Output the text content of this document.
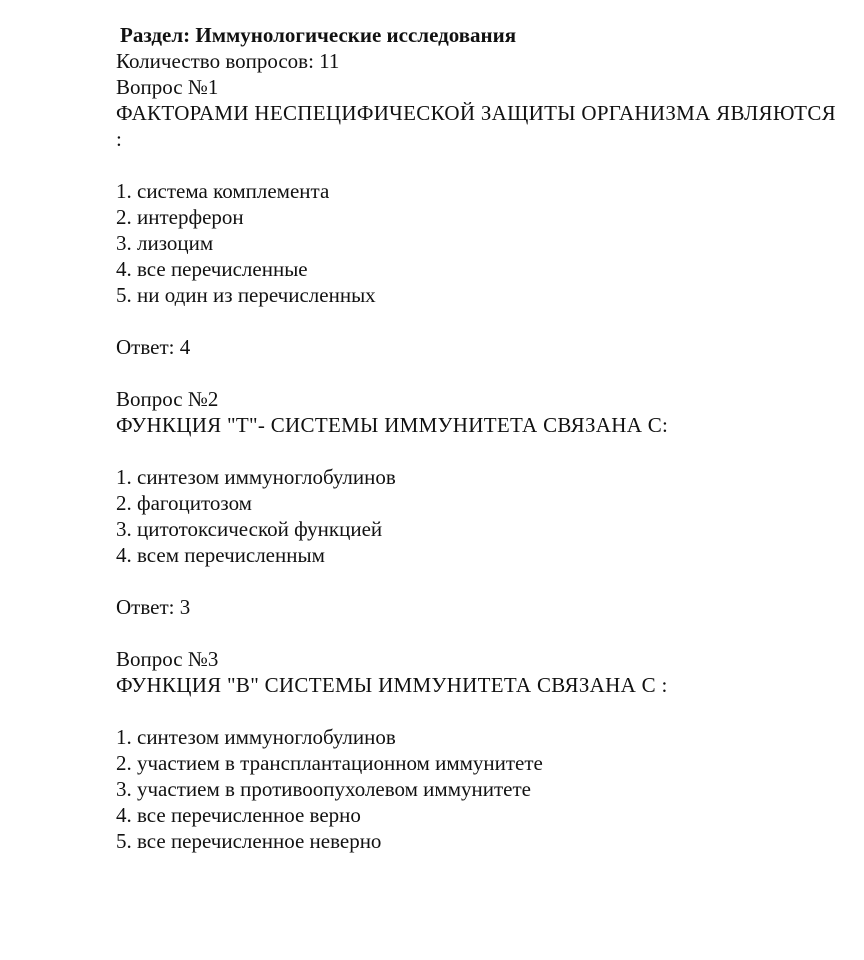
Раздел: Иммунологические исследования
Количество вопросов: 11
Вопрос №1
ФАКТОРАМИ НЕСПЕЦИФИЧЕСКОЙ ЗАЩИТЫ ОРГАНИЗМА ЯВЛЯЮТСЯ :
1. система комплемента
2. интерферон
3. лизоцим
4. все перечисленные
5. ни один из перечисленных
Ответ: 4
Вопрос №2
ФУНКЦИЯ "Т"- СИСТЕМЫ ИММУНИТЕТА СВЯЗАНА С:
1. синтезом иммуноглобулинов
2. фагоцитозом
3. цитотоксической функцией
4. всем перечисленным
Ответ: 3
Вопрос №3
ФУНКЦИЯ "В" СИСТЕМЫ ИММУНИТЕТА СВЯЗАНА С :
1. синтезом иммуноглобулинов
2. участием в трансплантационном иммунитете
3. участием в противоопухолевом иммунитете
4. все перечисленное верно
5. все перечисленное неверно
